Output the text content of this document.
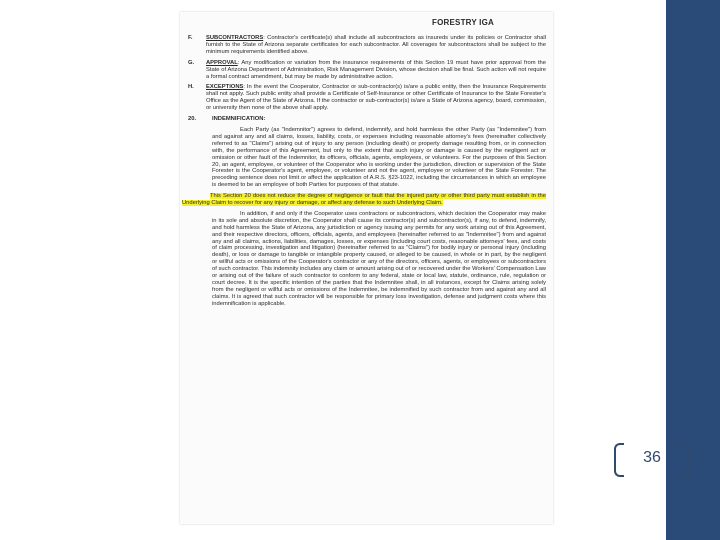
36
FORESTRY IGA
F.	SUBCONTRACTORS: Contractor's certificate(s) shall include all subcontractors as insureds under its policies or Contractor shall furnish to the State of Arizona separate certificates for each subcontractor. All coverages for subcontractors shall be subject to the minimum requirements identified above.
G.	APPROVAL: Any modification or variation from the insurance requirements of this Section 19 must have prior approval from the State of Arizona Department of Administration, Risk Management Division, whose decision shall be final. Such action will not require a formal contract amendment, but may be made by administrative action.
H.	EXCEPTIONS: In the event the Cooperator, Contractor or sub-contractor(s) is/are a public entity, then the Insurance Requirements shall not apply. Such public entity shall provide a Certificate of Self-Insurance or other Certificate of Insurance to the State Forester's Office as the Agent of the State of Arizona. If the contractor or sub-contractor(s) is/are a State of Arizona agency, board, commission, or university then none of the above shall apply.
20.	INDEMNIFICATION:
Each Party (as "Indemnitor") agrees to defend, indemnify, and hold harmless the other Party (as "Indemnitee") from and against any and all claims, losses, liability, costs, or expenses including reasonable attorney's fees (hereinafter collectively referred to as "Claims") arising out of injury to any person (including death) or property damage resulting from, or in connection with, the performance of this Agreement, but only to the extent that such injury or damage is caused by the negligent act or omission or other fault of the Indemnitor, its officers, officials, agents, employees, or volunteers. For the purposes of this Section 20, an agent, employee, or volunteer of the Cooperator who is working under the jurisdiction, direction or supervision of the State Forester is the Cooperator's agent, employee, or volunteer and not the agent, employee or volunteer of the State Forester. The preceding sentence does not limit or affect the application of A.R.S. §23-1022, including the circumstances in which an employee is deemed to be an employee of both Parties for purposes of that statute.
This Section 20 does not reduce the degree of negligence or fault that the injured party or other third party must establish in the Underlying Claim to recover for any injury or damage, or affect any defense to such Underlying Claim.
In addition, if and only if the Cooperator uses contractors or subcontractors, which decision the Cooperator may make in its sole and absolute discretion, the Cooperator shall cause its contractor(s) and subcontractor(s), if any, to defend, indemnify, and hold harmless the State of Arizona, any jurisdiction or agency issuing any permits for any work arising out of this Agreement, and their respective directors, officers, officials, agents, and employees (hereinafter referred to as "Indemnitee") from and against any and all claims, actions, liabilities, damages, losses, or expenses (including court costs, reasonable attorneys' fees, and costs of claim processing, investigation and litigation) (hereinafter referred to as "Claims") for bodily injury or personal injury (including death), or loss or damage to tangible or intangible property caused, or alleged to be caused, in whole or in part, by the negligent or willful acts or omissions of the Cooperator's contractor or any of the directors, officers, agents, or employees or subcontractors of such contractor. This indemnity includes any claim or amount arising out of or recovered under the Workers' Compensation Law or arising out of the failure of such contractor to conform to any federal, state or local law, statute, ordinance, rule, regulation or court decree. It is the specific intention of the parties that the Indemnitee shall, in all instances, except for Claims arising solely from the negligent or willful acts or omissions of the Indemnitee, be indemnified by such contractor from and against any and all claims. It is agreed that such contractor will be responsible for primary loss investigation, defense and judgment costs where this indemnification is applicable.
